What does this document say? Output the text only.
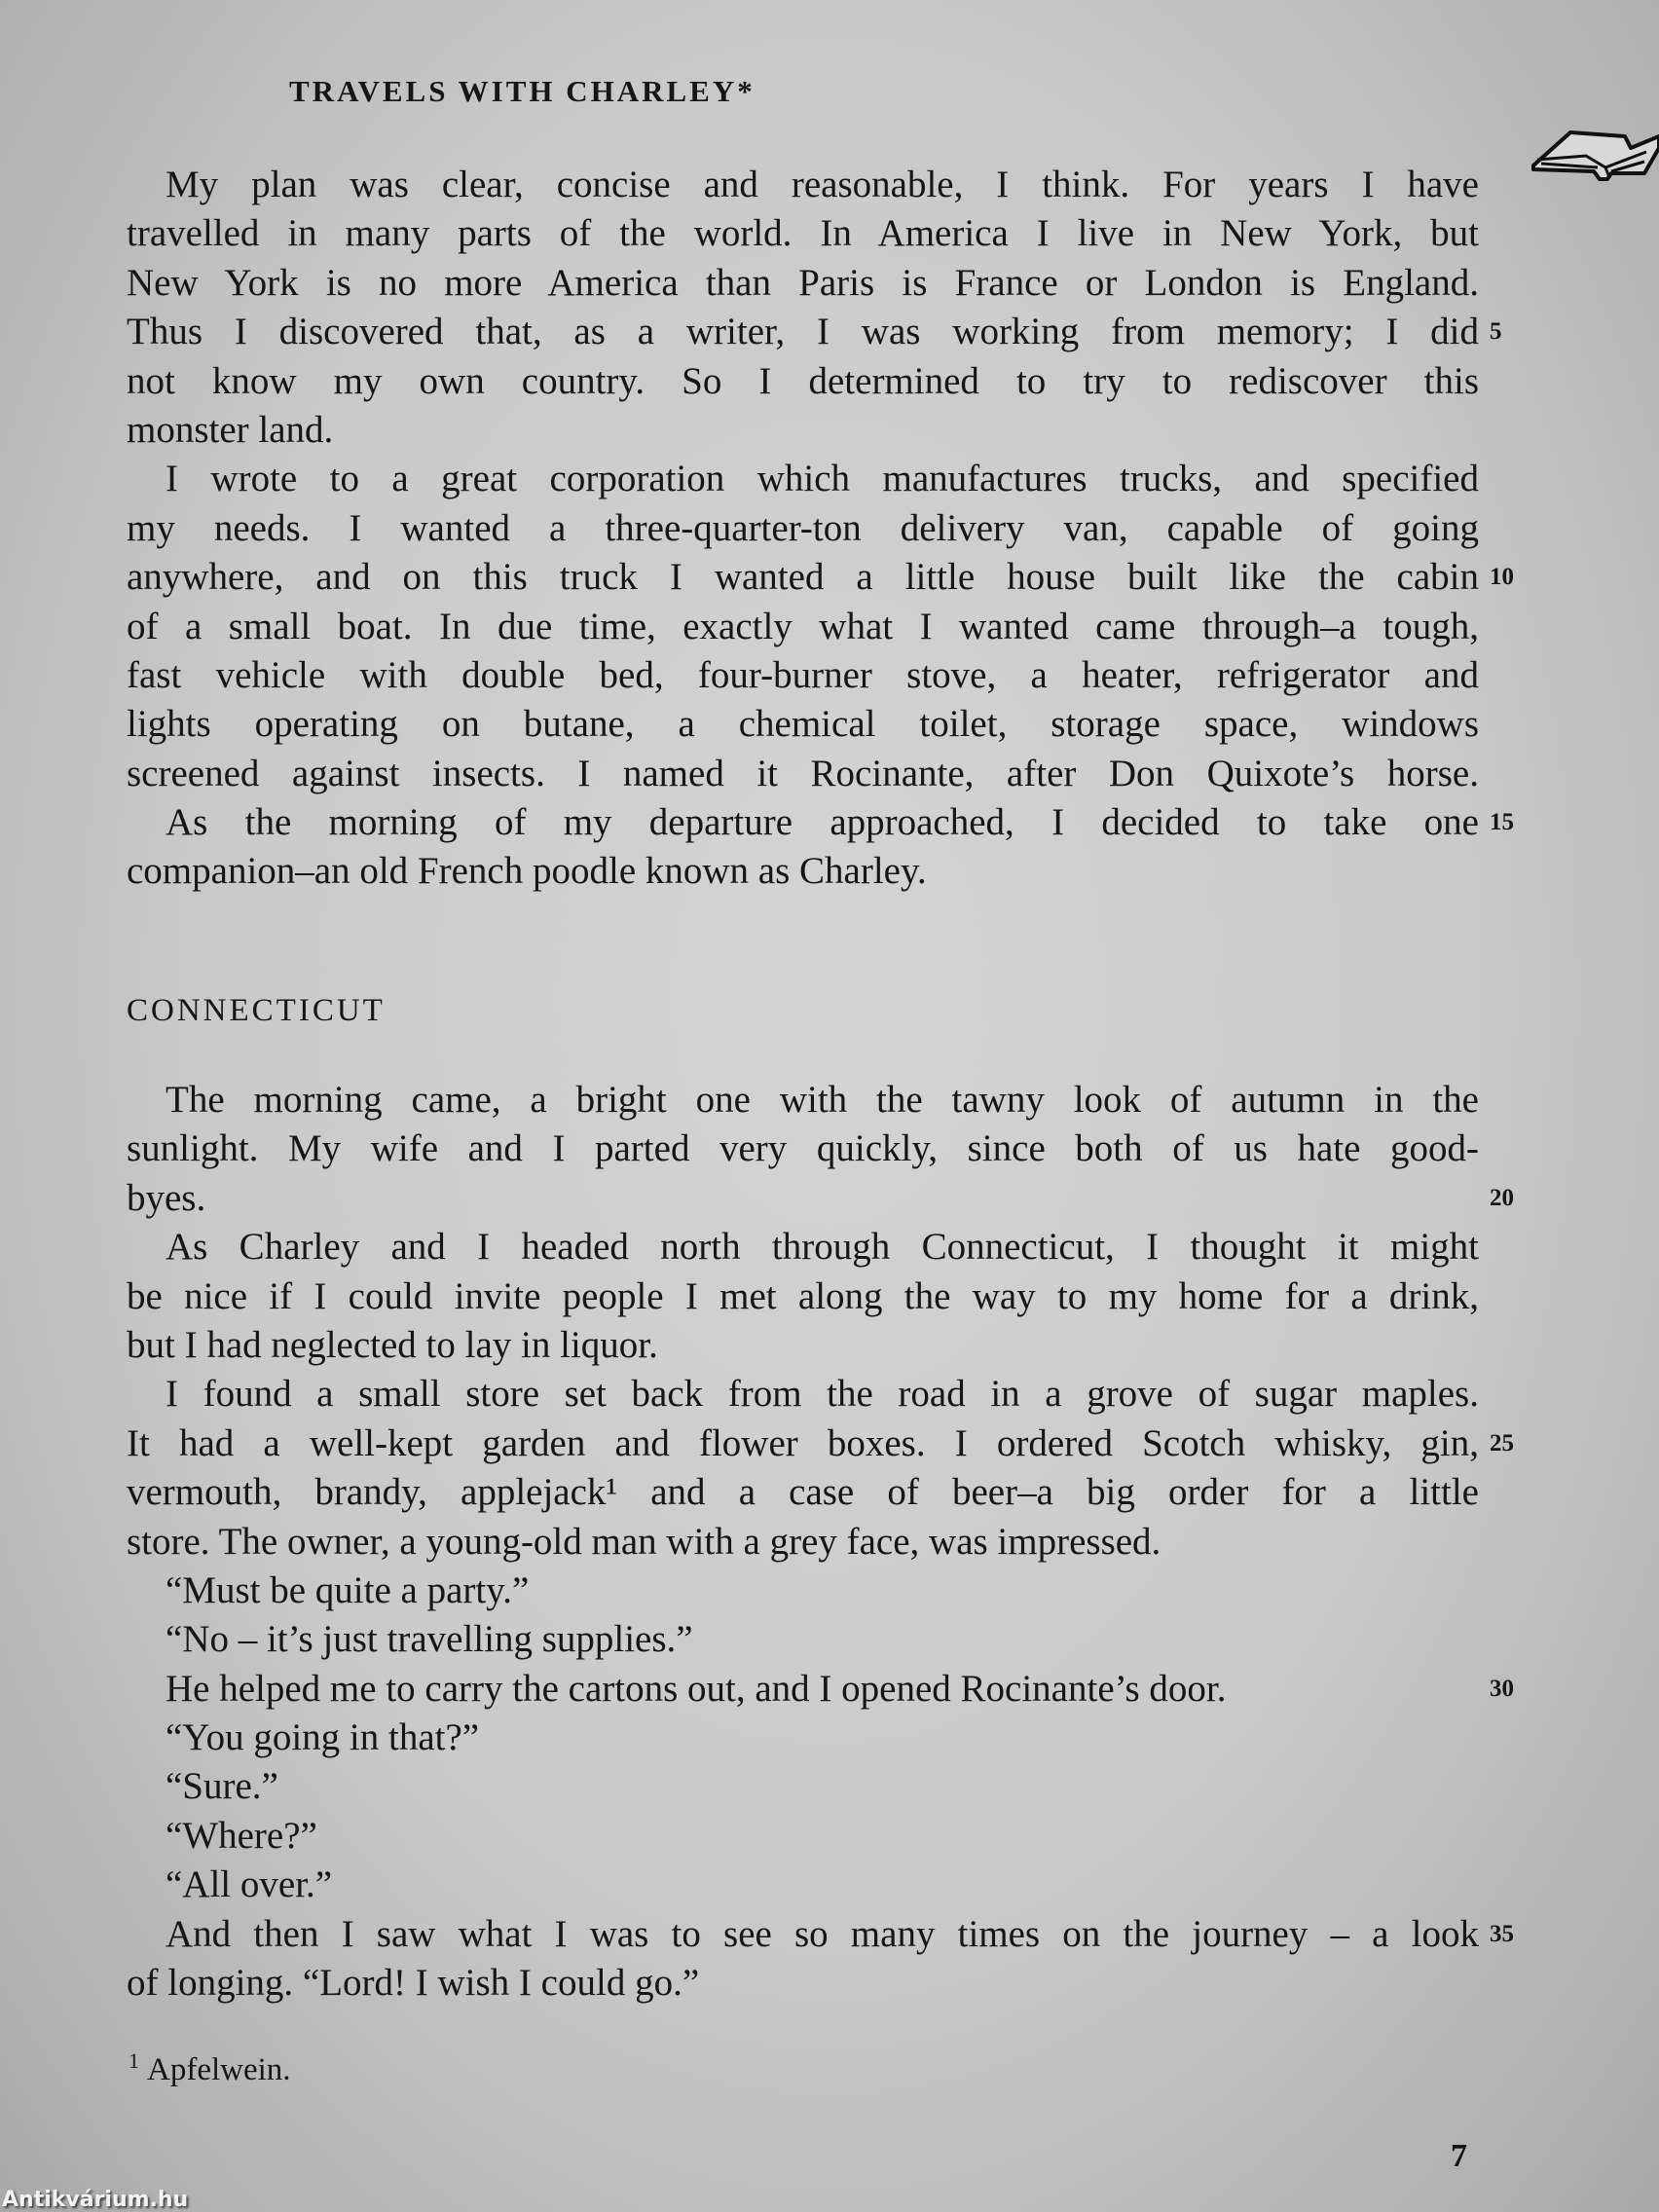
TRAVELS WITH CHARLEY*
My plan was clear, concise and reasonable, I think. For years I have
travelled in many parts of the world. In America I live in New York, but
New York is no more America than Paris is France or London is England.
Thus I discovered that, as a writer, I was working from memory; I did 5
not know my own country. So I determined to try to rediscover this
monster land.
I wrote to a great corporation which manufactures trucks, and specified
my needs. I wanted a three-quarter-ton delivery van, capable of going
anywhere, and on this truck I wanted a little house built like the cabin 10
of a small boat. In due time, exactly what I wanted came through–a tough,
fast vehicle with double bed, four-burner stove, a heater, refrigerator and
lights operating on butane, a chemical toilet, storage space, windows
screened against insects. I named it Rocinante, after Don Quixote’s horse.
As the morning of my departure approached, I decided to take one 15
companion–an old French poodle known as Charley.
CONNECTICUT
The morning came, a bright one with the tawny look of autumn in the
sunlight. My wife and I parted very quickly, since both of us hate good-
byes.	20
As Charley and I headed north through Connecticut, I thought it might
be nice if I could invite people I met along the way to my home for a drink,
but I had neglected to lay in liquor.
I found a small store set back from the road in a grove of sugar maples.
It had a well-kept garden and flower boxes. I ordered Scotch whisky, gin, 25
vermouth, brandy, applejack¹ and a case of beer–a big order for a little
store. The owner, a young-old man with a grey face, was impressed.
“Must be quite a party.”
“No – it’s just travelling supplies.”
He helped me to carry the cartons out, and I opened Rocinante’s door.	30
“You going in that?”
“Sure.”
“Where?”
“All over.”
And then I saw what I was to see so many times on the journey – a look 35
of longing. “Lord! I wish I could go.”
$^1$ Apfelwein.
7
Antikvárium.hu
